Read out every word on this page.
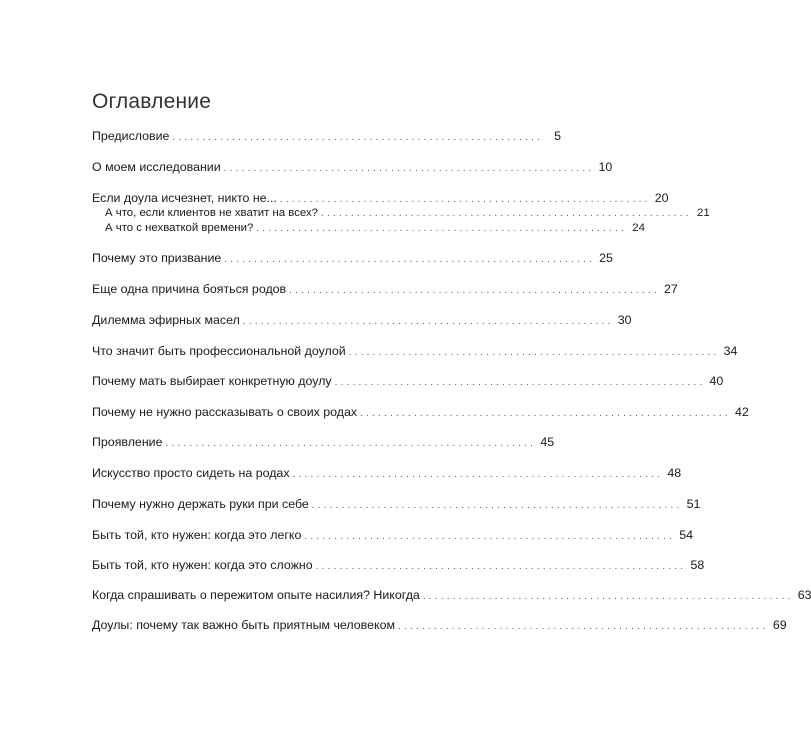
Оглавление
Предисловие .............................................................. 5
О моем исследовании .............................................................. 10
Если доула исчезнет, никто не... .............................................................. 20
А что, если клиентов не хватит на всех? .............................................................. 21
А что с нехваткой времени? .............................................................. 24
Почему это призвание .............................................................. 25
Еще одна причина бояться родов .............................................................. 27
Дилемма эфирных масел .............................................................. 30
Что значит быть профессиональной доулой .............................................................. 34
Почему мать выбирает конкретную доулу .............................................................. 40
Почему не нужно рассказывать о своих родах .............................................................. 42
Проявление .............................................................. 45
Искусство просто сидеть на родах .............................................................. 48
Почему нужно держать руки при себе .............................................................. 51
Быть той, кто нужен: когда это легко .............................................................. 54
Быть той, кто нужен: когда это сложно .............................................................. 58
Когда спрашивать о пережитом опыте насилия? Никогда .............................................................. 63
Доулы: почему так важно быть приятным человеком .............................................................. 69
